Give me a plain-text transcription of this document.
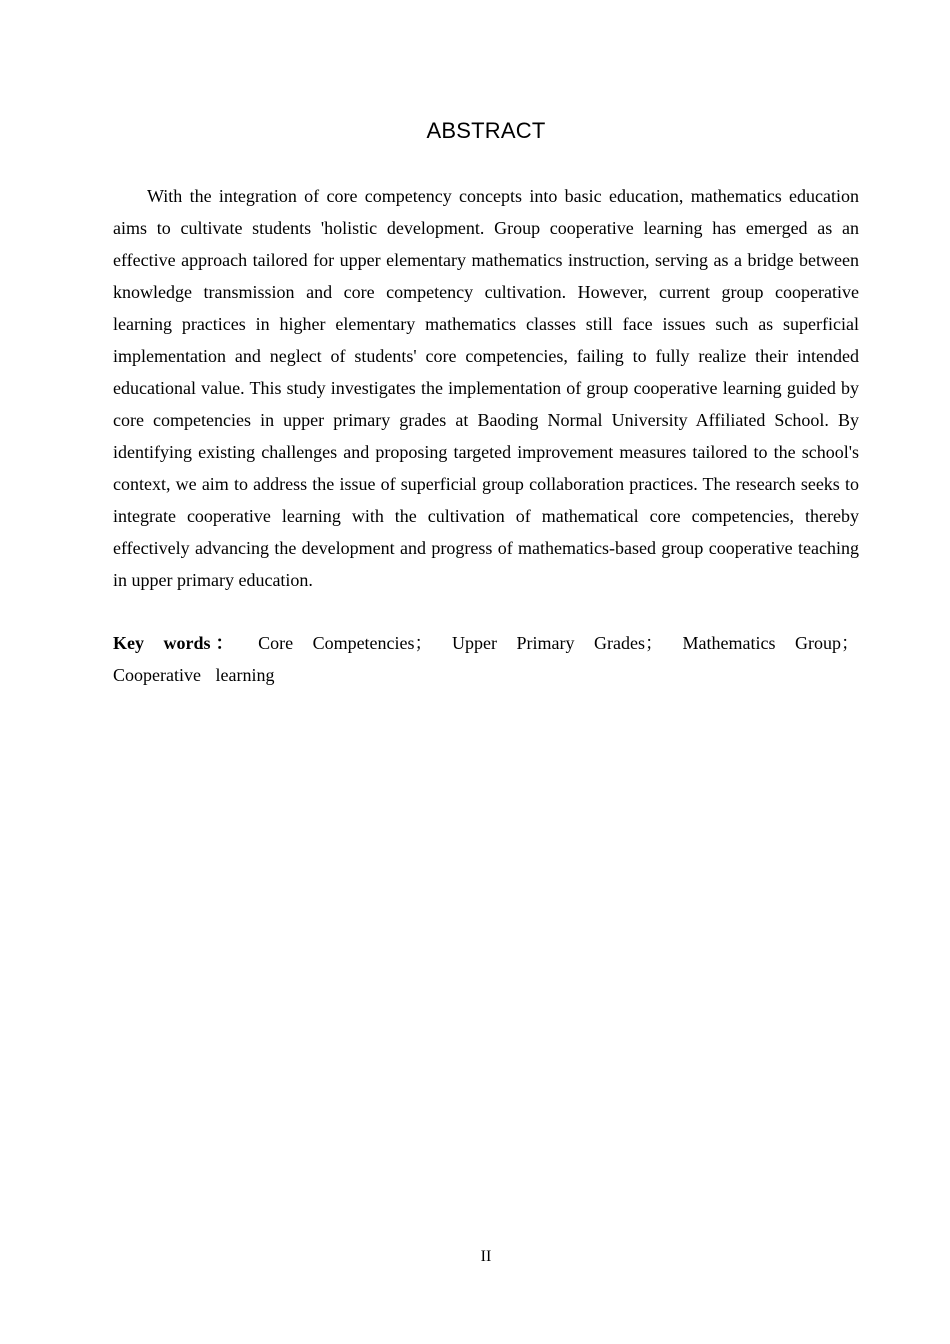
ABSTRACT

With the integration of core competency concepts into basic education, mathematics education aims to cultivate students 'holistic development. Group cooperative learning has emerged as an effective approach tailored for upper elementary mathematics instruction, serving as a bridge between knowledge transmission and core competency cultivation. However, current group cooperative learning practices in higher elementary mathematics classes still face issues such as superficial implementation and neglect of students' core competencies, failing to fully realize their intended educational value. This study investigates the implementation of group cooperative learning guided by core competencies in upper primary grades at Baoding Normal University Affiliated School. By identifying existing challenges and proposing targeted improvement measures tailored to the school's context, we aim to address the issue of superficial group collaboration practices. The research seeks to integrate cooperative learning with the cultivation of mathematical core competencies, thereby effectively advancing the development and progress of mathematics-based group cooperative teaching in upper primary education.

Key words： Core Competencies； Upper Primary Grades； Mathematics Group； Cooperative learning

II
